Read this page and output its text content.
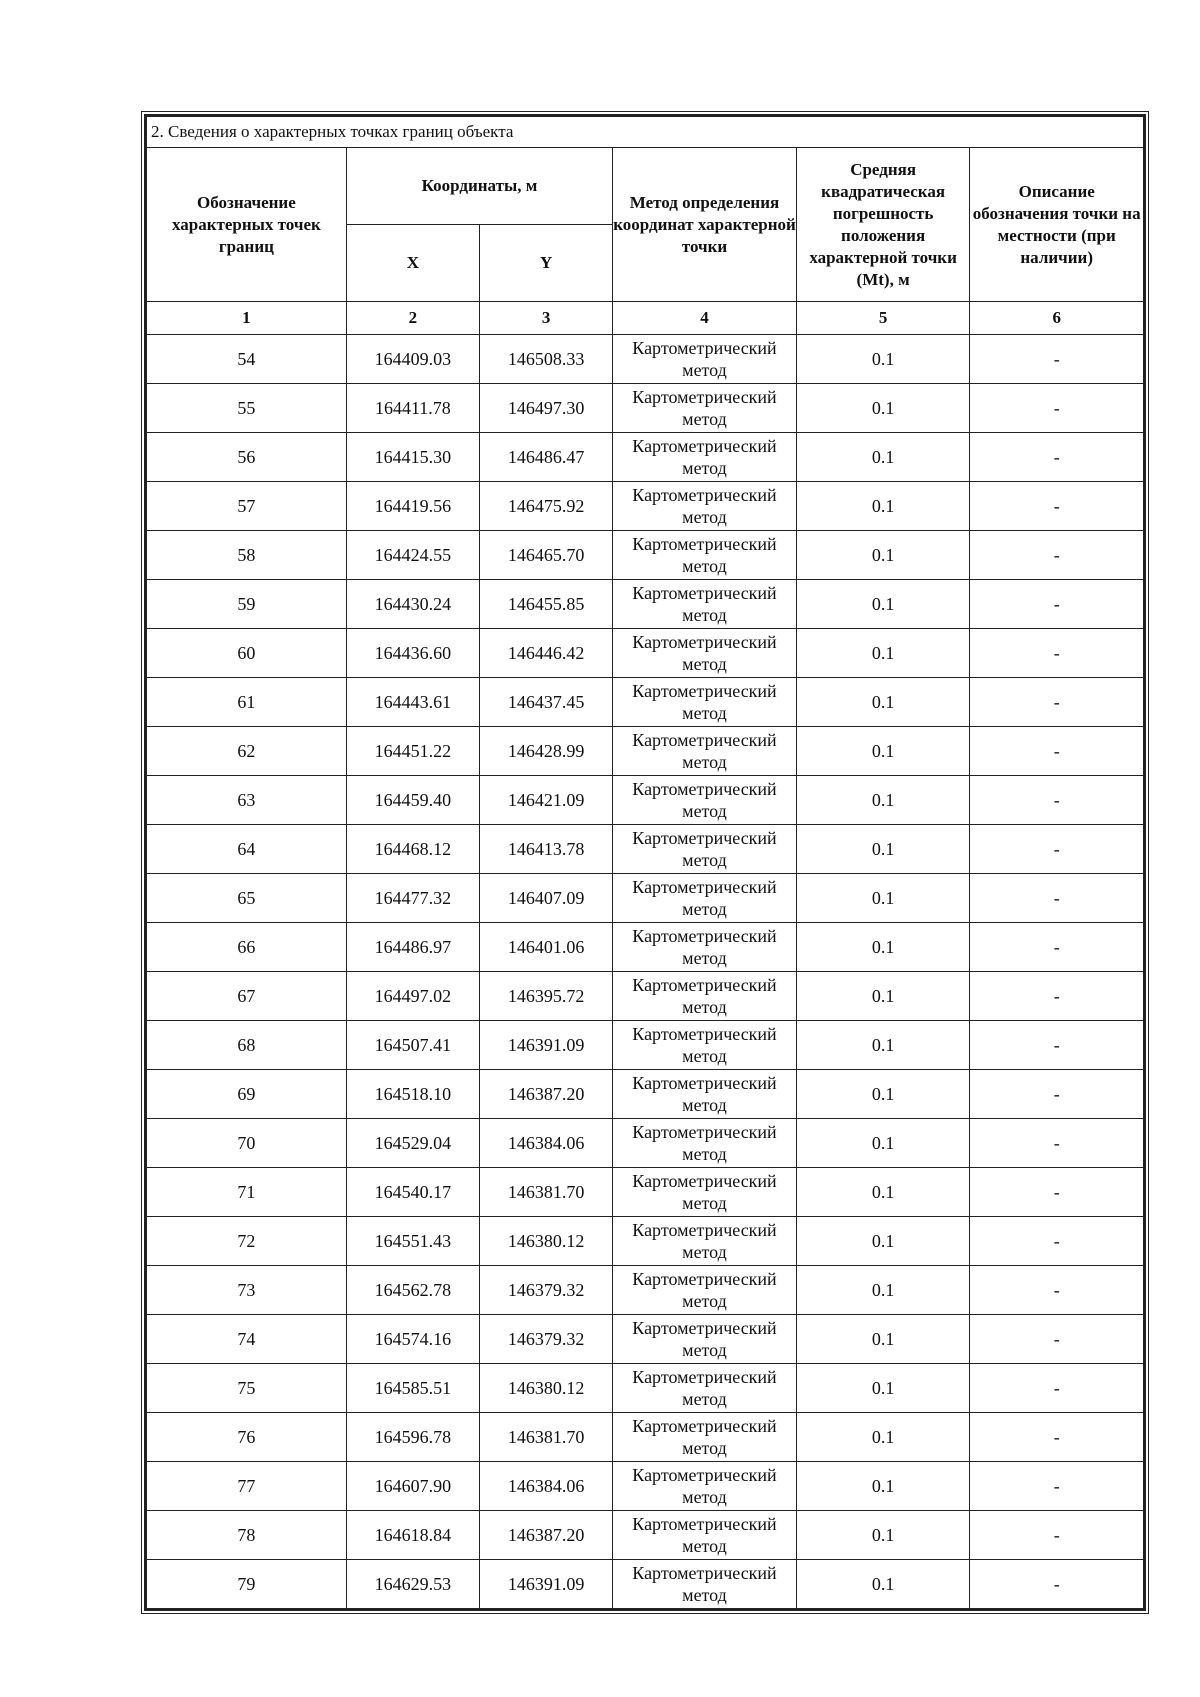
2. Сведения о характерных точках границ объекта					
Обозначение характерных точек границ	Координаты, м		Метод определения координат характерной точки	Средняя квадратическая погрешность положения характерной точки (Mt), м	Описание обозначения точки на местности (при наличии)
	X	Y			
1	2	3	4	5	6
54	164409.03	146508.33	Картометрический метод	0.1	-
55	164411.78	146497.30	Картометрический метод	0.1	-
56	164415.30	146486.47	Картометрический метод	0.1	-
57	164419.56	146475.92	Картометрический метод	0.1	-
58	164424.55	146465.70	Картометрический метод	0.1	-
59	164430.24	146455.85	Картометрический метод	0.1	-
60	164436.60	146446.42	Картометрический метод	0.1	-
61	164443.61	146437.45	Картометрический метод	0.1	-
62	164451.22	146428.99	Картометрический метод	0.1	-
63	164459.40	146421.09	Картометрический метод	0.1	-
64	164468.12	146413.78	Картометрический метод	0.1	-
65	164477.32	146407.09	Картометрический метод	0.1	-
66	164486.97	146401.06	Картометрический метод	0.1	-
67	164497.02	146395.72	Картометрический метод	0.1	-
68	164507.41	146391.09	Картометрический метод	0.1	-
69	164518.10	146387.20	Картометрический метод	0.1	-
70	164529.04	146384.06	Картометрический метод	0.1	-
71	164540.17	146381.70	Картометрический метод	0.1	-
72	164551.43	146380.12	Картометрический метод	0.1	-
73	164562.78	146379.32	Картометрический метод	0.1	-
74	164574.16	146379.32	Картометрический метод	0.1	-
75	164585.51	146380.12	Картометрический метод	0.1	-
76	164596.78	146381.70	Картометрический метод	0.1	-
77	164607.90	146384.06	Картометрический метод	0.1	-
78	164618.84	146387.20	Картометрический метод	0.1	-
79	164629.53	146391.09	Картометрический метод	0.1	-
